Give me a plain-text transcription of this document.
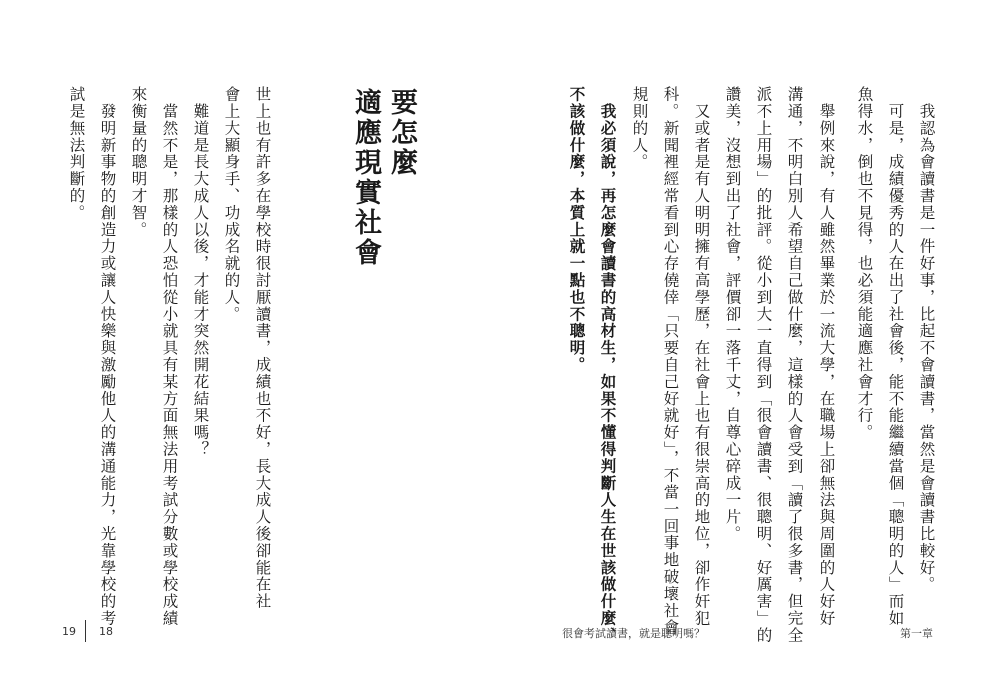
　我認為會讀書是一件好事，比起不會讀書，當然是會讀書比較好。
　可是，成績優秀的人在出了社會後，能不能繼續當個「聰明的人」而如
魚得水，倒也不見得，也必須能適應社會才行。
　舉例來說，有人雖然畢業於一流大學，在職場上卻無法與周圍的人好好
溝通，不明白別人希望自己做什麼，這樣的人會受到「讀了很多書，但完全
派不上用場」的批評。從小到大一直得到「很會讀書、很聰明、好厲害」的
讚美，沒想到出了社會，評價卻一落千丈，自尊心碎成一片。
　又或者是有人明明擁有高學歷，在社會上也有很崇高的地位，卻作奸犯
科。新聞裡經常看到心存僥倖「只要自己好就好」，不當一回事地破壞社會
規則的人。
　我必須說，再怎麼會讀書的高材生，如果不懂得判斷人生在世該做什麼、
不該做什麼，本質上就一點也不聰明。
要怎麼
適應現實社會
世上也有許多在學校時很討厭讀書，成績也不好，長大成人後卻能在社
會上大顯身手、功成名就的人。
　難道是長大成人以後，才能才突然開花結果嗎？
　當然不是，那樣的人恐怕從小就具有某方面無法用考試分數或學校成績
來衡量的聰明才智。
　發明新事物的創造力或讓人快樂與激勵他人的溝通能力，光靠學校的考
試是無法判斷的。
19 18	很會考試讀書，就是聰明嗎？	第一章
